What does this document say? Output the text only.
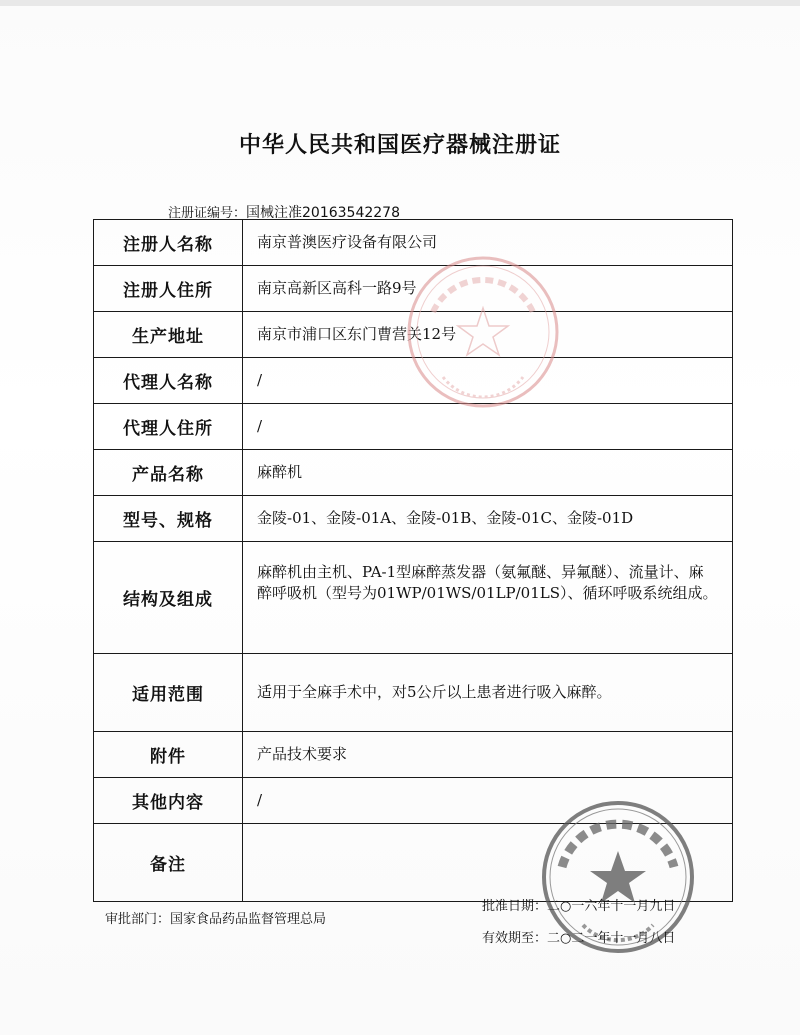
中华人民共和国医疗器械注册证
注册证编号：国械注准20163542278
注册人名称	南京普澳医疗设备有限公司
注册人住所	南京高新区高科一路9号
生产地址	南京市浦口区东门曹营关12号
代理人名称	/
代理人住所	/
产品名称	麻醉机
型号、规格	金陵-01、金陵-01A、金陵-01B、金陵-01C、金陵-01D
结构及组成	麻醉机由主机、PA-1型麻醉蒸发器（氨氟醚、异氟醚）、流量计、麻醉呼吸机（型号为01WP/01WS/01LP/01LS）、循环呼吸系统组成。
适用范围	适用于全麻手术中，对5公斤以上患者进行吸入麻醉。
附件	产品技术要求
其他内容	/
备注	
审批部门：国家食品药品监督管理总局
批准日期：二○一六年十一月九日
有效期至：二○二一年十一月八日
